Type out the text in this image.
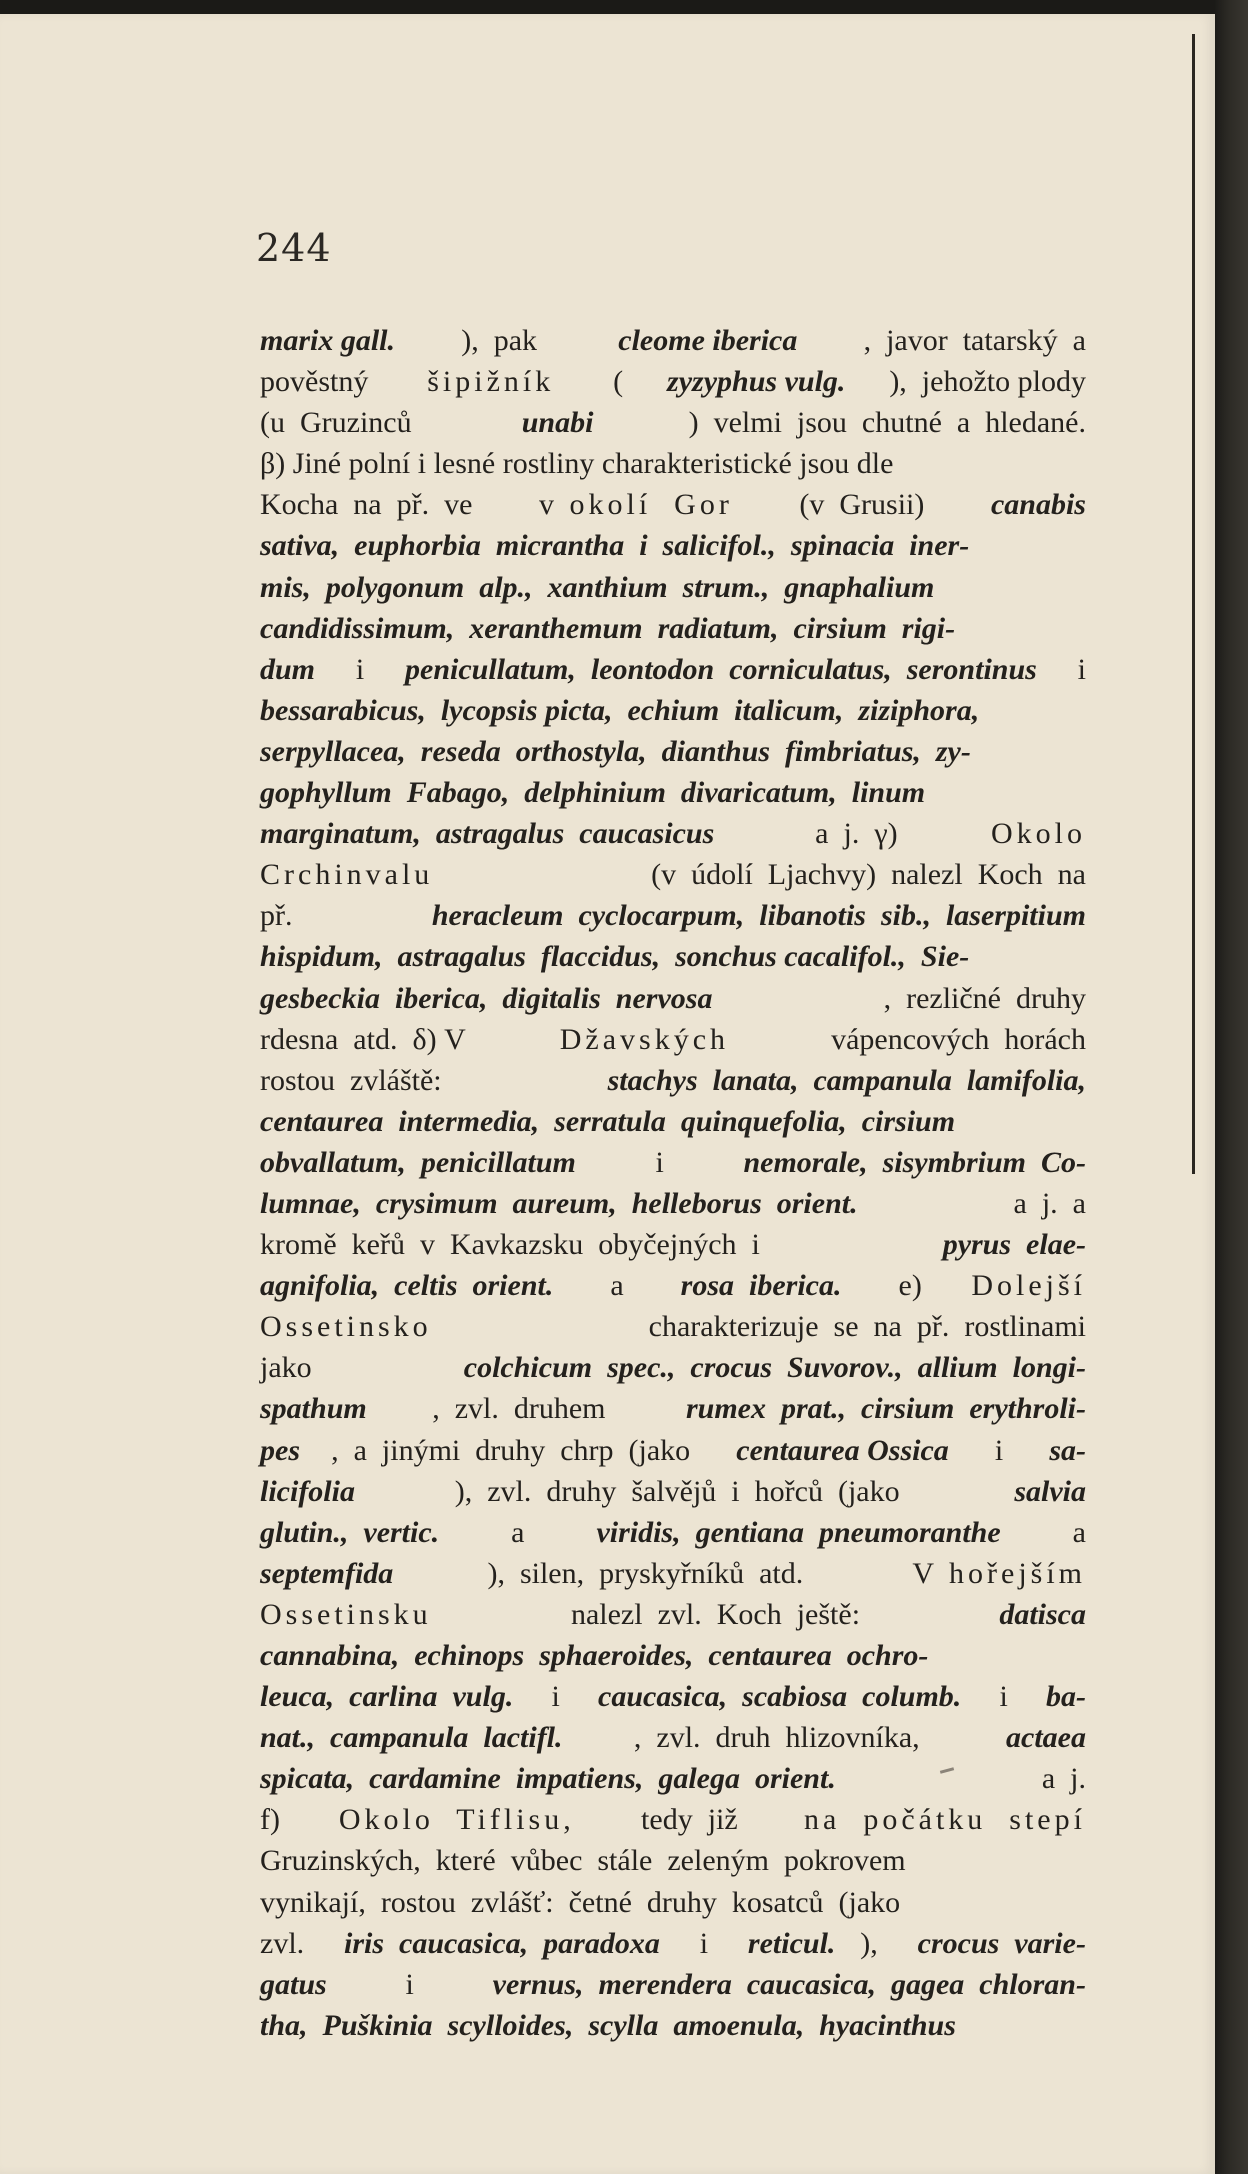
244
marix gall. ),  pak cleome iberica ,  javor  tatarský  a
pověstný šipižník ( zyzyphus vulg. ),  jehožto plody
(u  Gruzinců	unabi	)  velmi  jsou  chutné  a  hledané.
β) Jiné polní i lesné rostliny charakteristické jsou dle
Kocha  na  př.  ve v okolí  Gor (v  Grusii) canabis
sativa,  euphorbia  micrantha  i  salicifol.,  spinacia  iner-
mis,  polygonum  alp.,  xanthium  strum.,  gnaphalium
candidissimum,  xeranthemum  radiatum,  cirsium  rigi-
dum i penicullatum,  leontodon  corniculatus,  serontinus i
bessarabicus,  lycopsis picta,  echium  italicum,  ziziphora,
serpyllacea,  reseda  orthostyla,  dianthus  fimbriatus,  zy-
gophyllum  Fabago,  delphinium  divaricatum,  linum
marginatum,  astragalus  caucasicus	a  j.  γ)	Okolo
Crchinvalu	(v  údolí  Ljachvy)  nalezl  Koch  na
př.	heracleum  cyclocarpum,  libanotis  sib.,  laserpitium
hispidum,  astragalus  flaccidus,  sonchus cacalifol.,  Sie-
gesbeckia  iberica,  digitalis  nervosa	,  rezličné  druhy
rdesna  atd.  δ) V	Džavských	vápencových  horách
rostou  zvláště:	stachys  lanata,  campanula  lamifolia,
centaurea  intermedia,  serratula  quinquefolia,  cirsium
obvallatum,  penicillatum i nemorale,  sisymbrium  Co-
lumnae,  crysimum  aureum,  helleborus  orient.	a  j.  a
kromě  keřů  v  Kavkazsku  obyčejných  i	pyrus  elae-
agnifolia,  celtis  orient. a rosa  iberica. e) Dolejší
Ossetinsko	charakterizuje  se  na  př.  rostlinami
jako	colchicum  spec.,  crocus  Suvorov.,  allium  longi-
spathum ,  zvl.  druhem rumex  prat.,  cirsium  erythroli-
pes ,  a  jinými  druhy  chrp  (jako centaurea Ossica i sa-
licifolia	),  zvl.  druhy  šalvějů  i  hořců  (jako	salvia
glutin.,  vertic. a viridis,  gentiana  pneumoranthe a
septemfida	),  silen,  pryskyřníků  atd.	V hořejším
Ossetinsku	nalezl  zvl.  Koch  ještě:	datisca
cannabina,  echinops  sphaeroides,  centaurea  ochro-
leuca,  carlina  vulg. i caucasica,  scabiosa  columb. i ba-
nat.,  campanula  lactifl. ,  zvl.  druh  hlizovníka, actaea
spicata,  cardamine  impatiens,  galega  orient.	a  j.
f) Okolo  Tiflisu, tedy  již na  počátku  stepí
Gruzinských,  které  vůbec  stále  zeleným  pokrovem
vynikají,  rostou  zvlášť:  četné  druhy  kosatců  (jako
zvl. iris  caucasica,  paradoxa i reticul. ), crocus  varie-
gatus i vernus,  merendera  caucasica,  gagea  chloran-
tha,  Puškinia  scylloides,  scylla  amoenula,  hyacinthus
